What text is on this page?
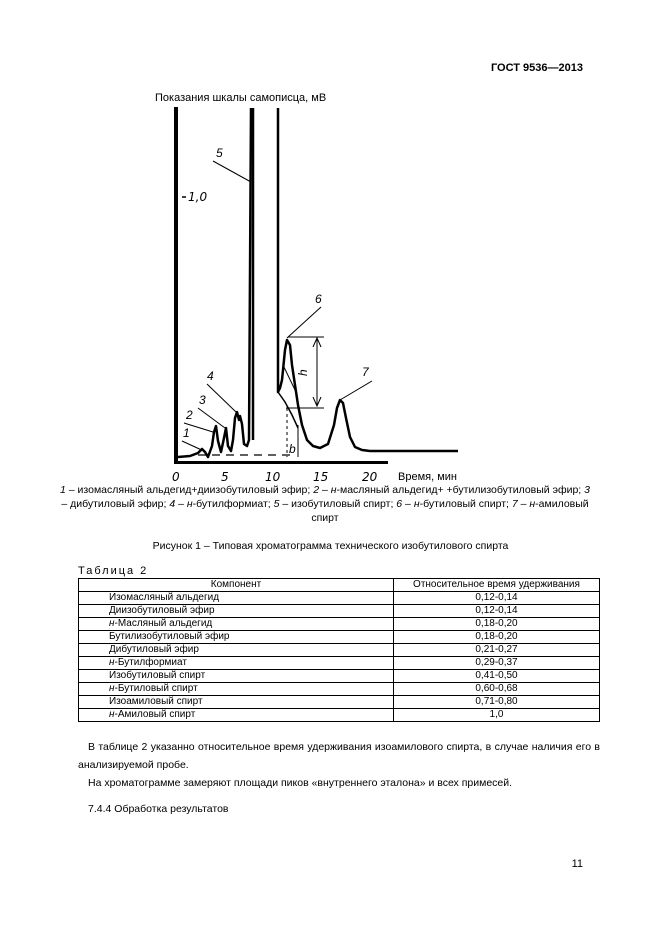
ГОСТ 9536—2013
Показания шкалы самописца, мВ
1,0
0	5	10	15	20 Время, мин
h
b
1
2
3
4
5
6
7
1 – изомасляный альдегид+диизобутиловый эфир; 2 – н-масляный альдегид+ +бутилизобутиловый эфир; 3 – дибутиловый эфир; 4 – н-бутилформиат; 5 – изобутиловый спирт; 6 – н-бутиловый спирт; 7 – н-амиловый спирт
Рисунок 1 – Типовая хроматограмма технического изобутилового спирта
Таблица 2
Компонент	Относительное время удерживания
Изомасляный альдегид	0,12-0,14
Диизобутиловый эфир	0,12-0,14
н-Масляный альдегид	0,18-0,20
Бутилизобутиловый эфир	0,18-0,20
Дибутиловый эфир	0,21-0,27
н-Бутилформиат	0,29-0,37
Изобутиловый спирт	0,41-0,50
н-Бутиловый спирт	0,60-0,68
Изоамиловый спирт	0,71-0,80
н-Амиловый спирт	1,0
В таблице 2 указанно относительное время удерживания изоамилового спирта, в случае наличия его в анализируемой пробе.
На хроматограмме замеряют площади пиков «внутреннего эталона» и всех примесей.
7.4.4 Обработка результатов
11
